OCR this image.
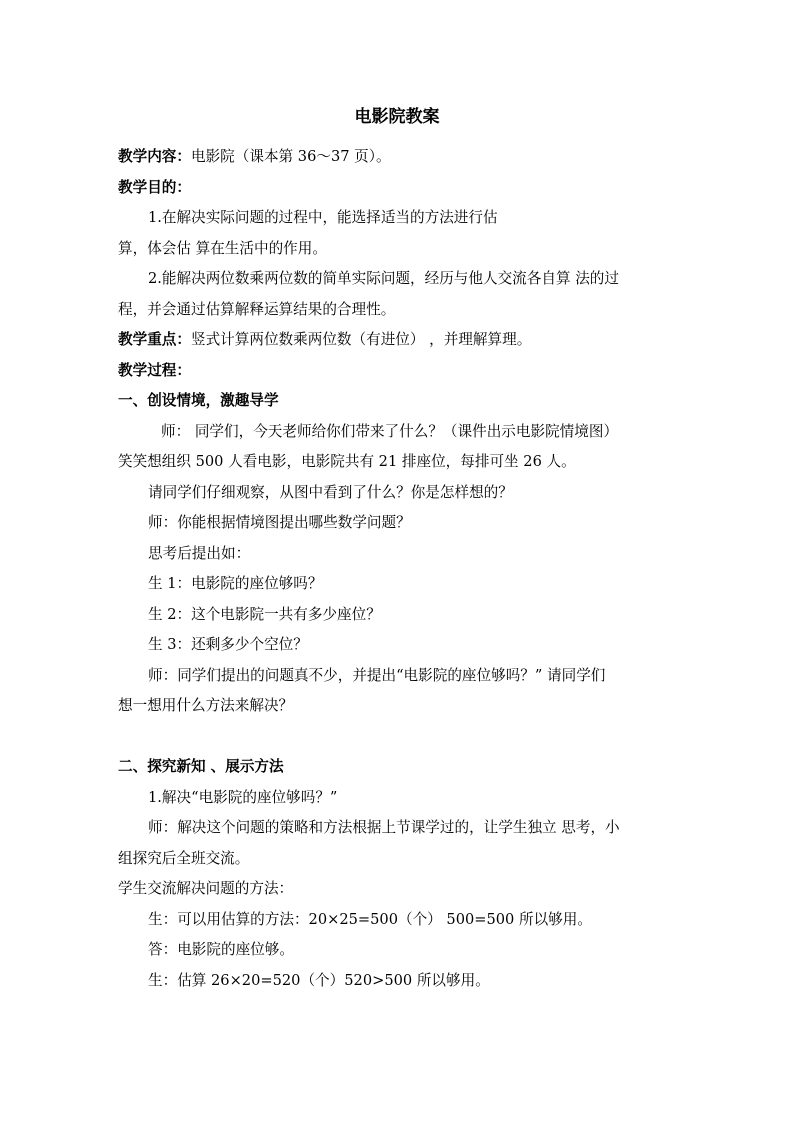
电影院教案

教学内容：电影院（课本第 36～37 页）。

教学目的：

1.在解决实际问题的过程中，能选择适当的方法进行估

算，体会估 算在生活中的作用。

2.能解决两位数乘两位数的简单实际问题，经历与他人交流各自算 法的过

程，并会通过估算解释运算结果的合理性。

教学重点：竖式计算两位数乘两位数（有进位） ，并理解算理。

教学过程：

一、创设情境，激趣导学

师： 同学们，今天老师给你们带来了什么？（课件出示电影院情境图）

笑笑想组织 500 人看电影，电影院共有 21 排座位，每排可坐 26 人。

请同学们仔细观察，从图中看到了什么？你是怎样想的？

师：你能根据情境图提出哪些数学问题？

思考后提出如：

生 1：电影院的座位够吗？

生 2：这个电影院一共有多少座位？

生 3：还剩多少个空位？

师：同学们提出的问题真不少，并提出“电影院的座位够吗？” 请同学们

想一想用什么方法来解决？

二、探究新知 、展示方法

1.解决“电影院的座位够吗？”

师：解决这个问题的策略和方法根据上节课学过的，让学生独立 思考，小

组探究后全班交流。

学生交流解决问题的方法：

生：可以用估算的方法：20×25=500（个） 500=500 所以够用。

答：电影院的座位够。

生：估算 26×20=520（个）520>500 所以够用。
